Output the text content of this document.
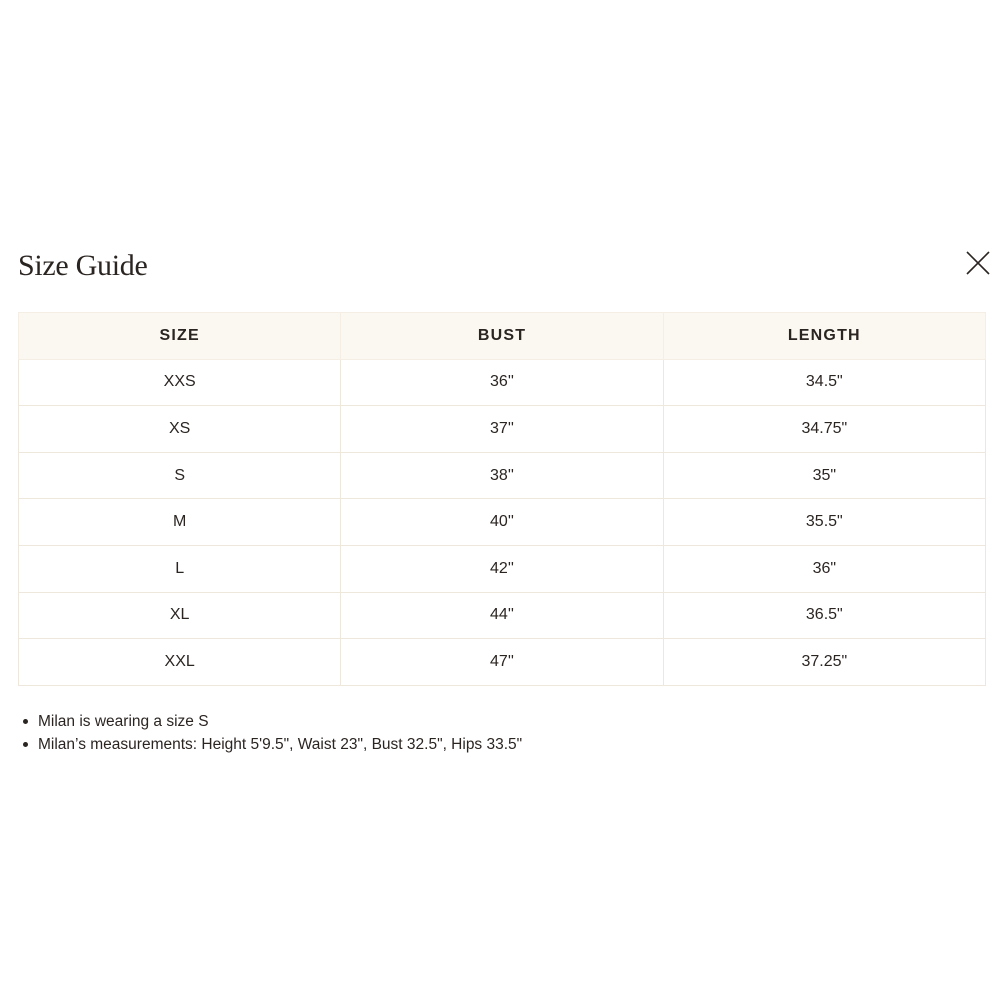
Size Guide
SIZE	BUST	LENGTH
XXS	36''	34.5"
XS	37''	34.75"
S	38''	35"
M	40''	35.5"
L	42''	36"
XL	44''	36.5"
XXL	47''	37.25"
Milan is wearing a size S
Milan’s measurements: Height 5'9.5", Waist 23", Bust 32.5", Hips 33.5"
